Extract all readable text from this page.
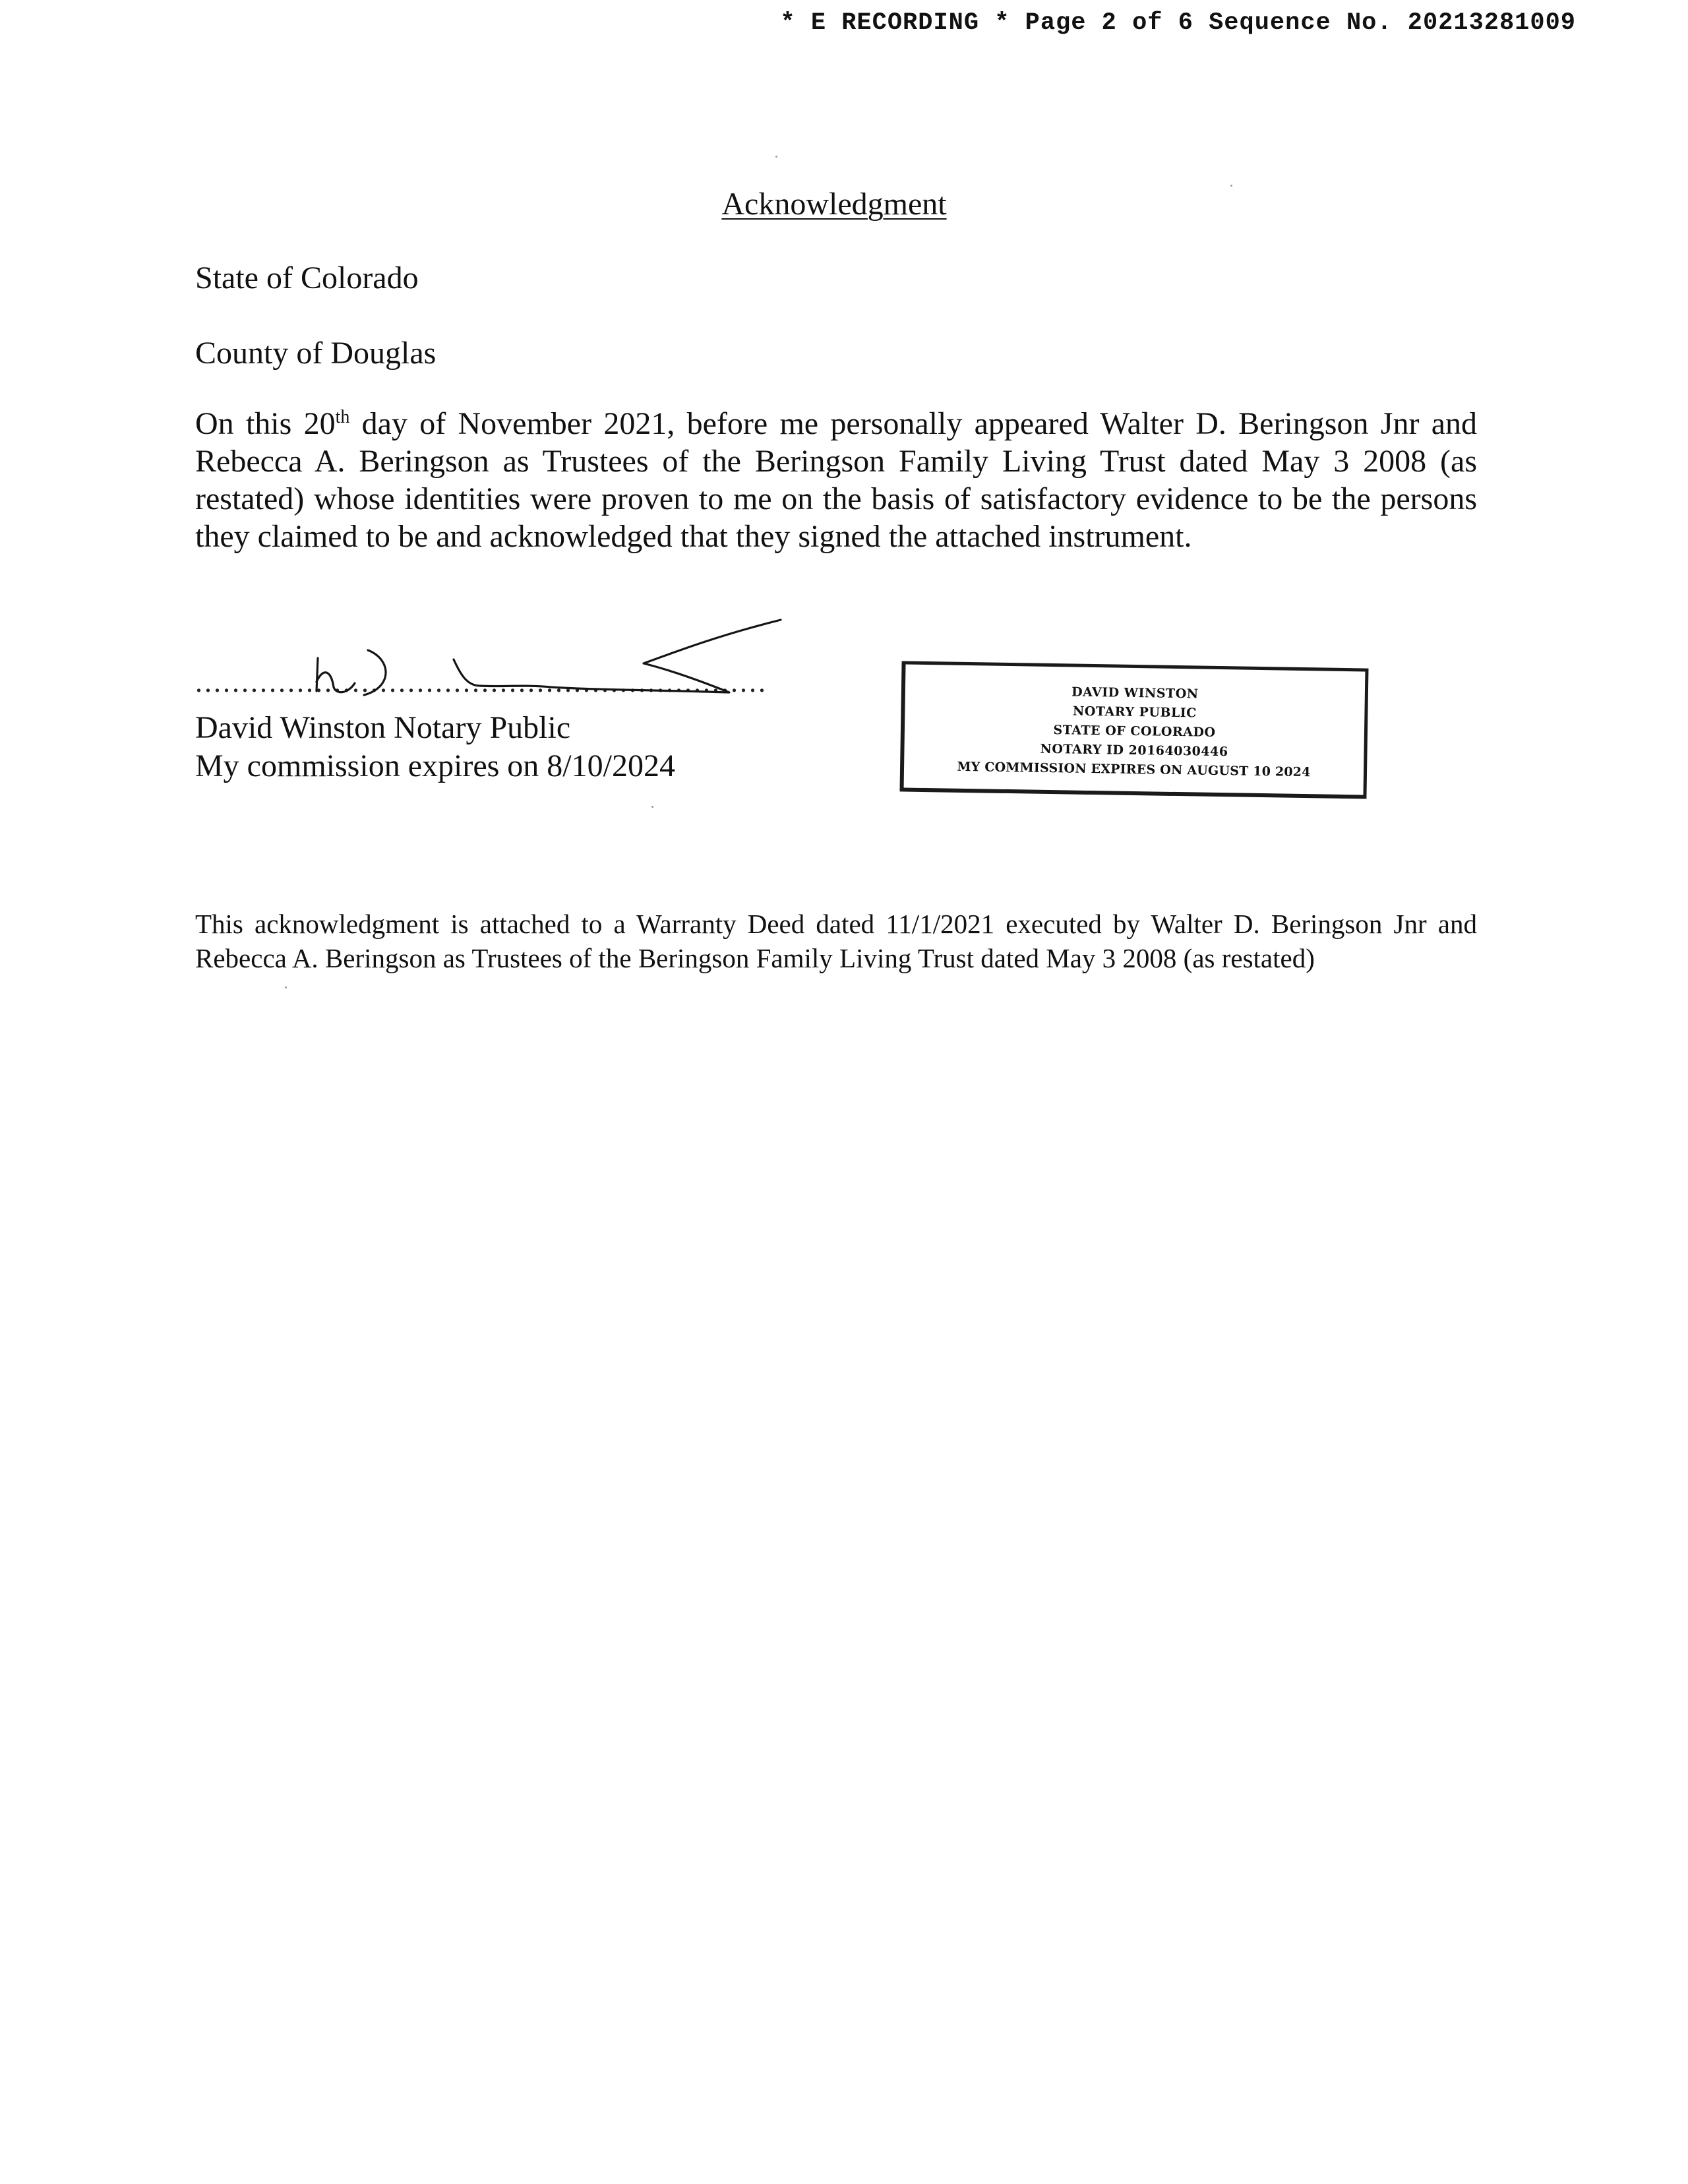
* E RECORDING * Page 2 of 6 Sequence No. 20213281009
Acknowledgment
State of Colorado
County of Douglas
On this 20th day of November 2021, before me personally appeared Walter D. Beringson Jnr and Rebecca A. Beringson as Trustees of the Beringson Family Living Trust dated May 3 2008 (as restated) whose identities were proven to me on the basis of satisfactory evidence to be the persons they claimed to be and acknowledged that they signed the attached instrument.
..............................................................
David Winston Notary Public
My commission expires on 8/10/2024
DAVID WINSTON
NOTARY PUBLIC
STATE OF COLORADO
NOTARY ID 20164030446
MY COMMISSION EXPIRES ON AUGUST 10 2024
This acknowledgment is attached to a Warranty Deed dated 11/1/2021 executed by Walter D. Beringson Jnr and Rebecca A. Beringson as Trustees of the Beringson Family Living Trust dated May 3 2008 (as restated)
